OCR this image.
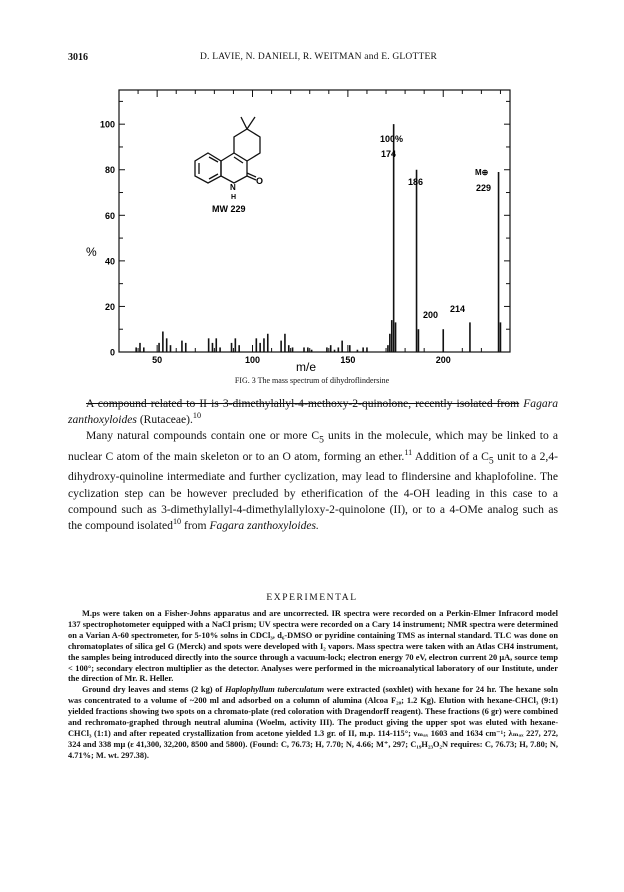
3016	D. LAVIE, N. DANIELI, R. WEITMAN and E. GLOTTER
0
20
40
60
80
100
50	100	150	200
%
m/e
O
N
H
MW 229
100%
174
186
M⊕
229
200
214
FIG. 3 The mass spectrum of dihydroflindersine

A compound related to II is 3-dimethylallyl-4-methoxy-2-quinolone, recently isolated from Fagara zanthoxyloides (Rutaceae).$^{10}$

Many natural compounds contain one or more $C_5$ units in the molecule, which may be linked to a nuclear C atom of the main skeleton or to an O atom, forming an ether.$^{11}$ Addition of a $C_5$ unit to a 2,4-dihydroxy-quinoline intermediate and further cyclization, may lead to flindersine and khaplofoline. The cyclization step can be however precluded by etherification of the 4-OH leading in this case to a compound such as 3-dimethylallyl-4-dimethylallyloxy-2-quinolone (II), or to a 4-OMe analog such as the compound isolated$^{10}$ from Fagara zanthoxyloides.

EXPERIMENTAL

M.ps were taken on a Fisher-Johns apparatus and are uncorrected. IR spectra were recorded on a Perkin-Elmer Infracord model 137 spectrophotometer equipped with a NaCl prism; UV spectra were recorded on a Cary 14 instrument; NMR spectra were determined on a Varian A-60 spectrometer, for 5-10% solns in CDCl₃, d₆-DMSO or pyridine containing TMS as internal standard. TLC was done on chromatoplates of silica gel G (Merck) and spots were developed with I₂ vapors. Mass spectra were taken with an Atlas CH4 instrument, the samples being introduced directly into the source through a vacuum-lock; electron energy 70 eV, electron current 20 μA, source temp < 100°; secondary electron multiplier as the detector. Analyses were performed in the microanalytical laboratory of our Institute, under the direction of Mr. R. Heller.

Ground dry leaves and stems (2 kg) of Haplophyllum tuberculatum were extracted (soxhlet) with hexane for 24 hr. The hexane soln was concentrated to a volume of ~200 ml and adsorbed on a column of alumina (Alcoa F₂₀; 1.2 Kg). Elution with hexane-CHCl₃ (9:1) yielded fractions showing two spots on a chromato-plate (red coloration with Dragendorff reagent). These fractions (6 gr) were combined and rechromato-graphed through neutral alumina (Woelm, activity III). The product giving the upper spot was eluted with hexane-CHCl₃ (1:1) and after repeated crystallization from acetone yielded 1.3 gr. of II, m.p. 114-115°; νₘₐₓ 1603 and 1634 cm⁻¹; λₘₐₓ 227, 272, 324 and 338 mμ (ε 41,300, 32,200, 8500 and 5800). (Found: C, 76.73; H, 7.70; N, 4.66; M⁺, 297; C₁₉H₂₃O₂N requires: C, 76.73; H, 7.80; N, 4.71%; M. wt. 297.38).
